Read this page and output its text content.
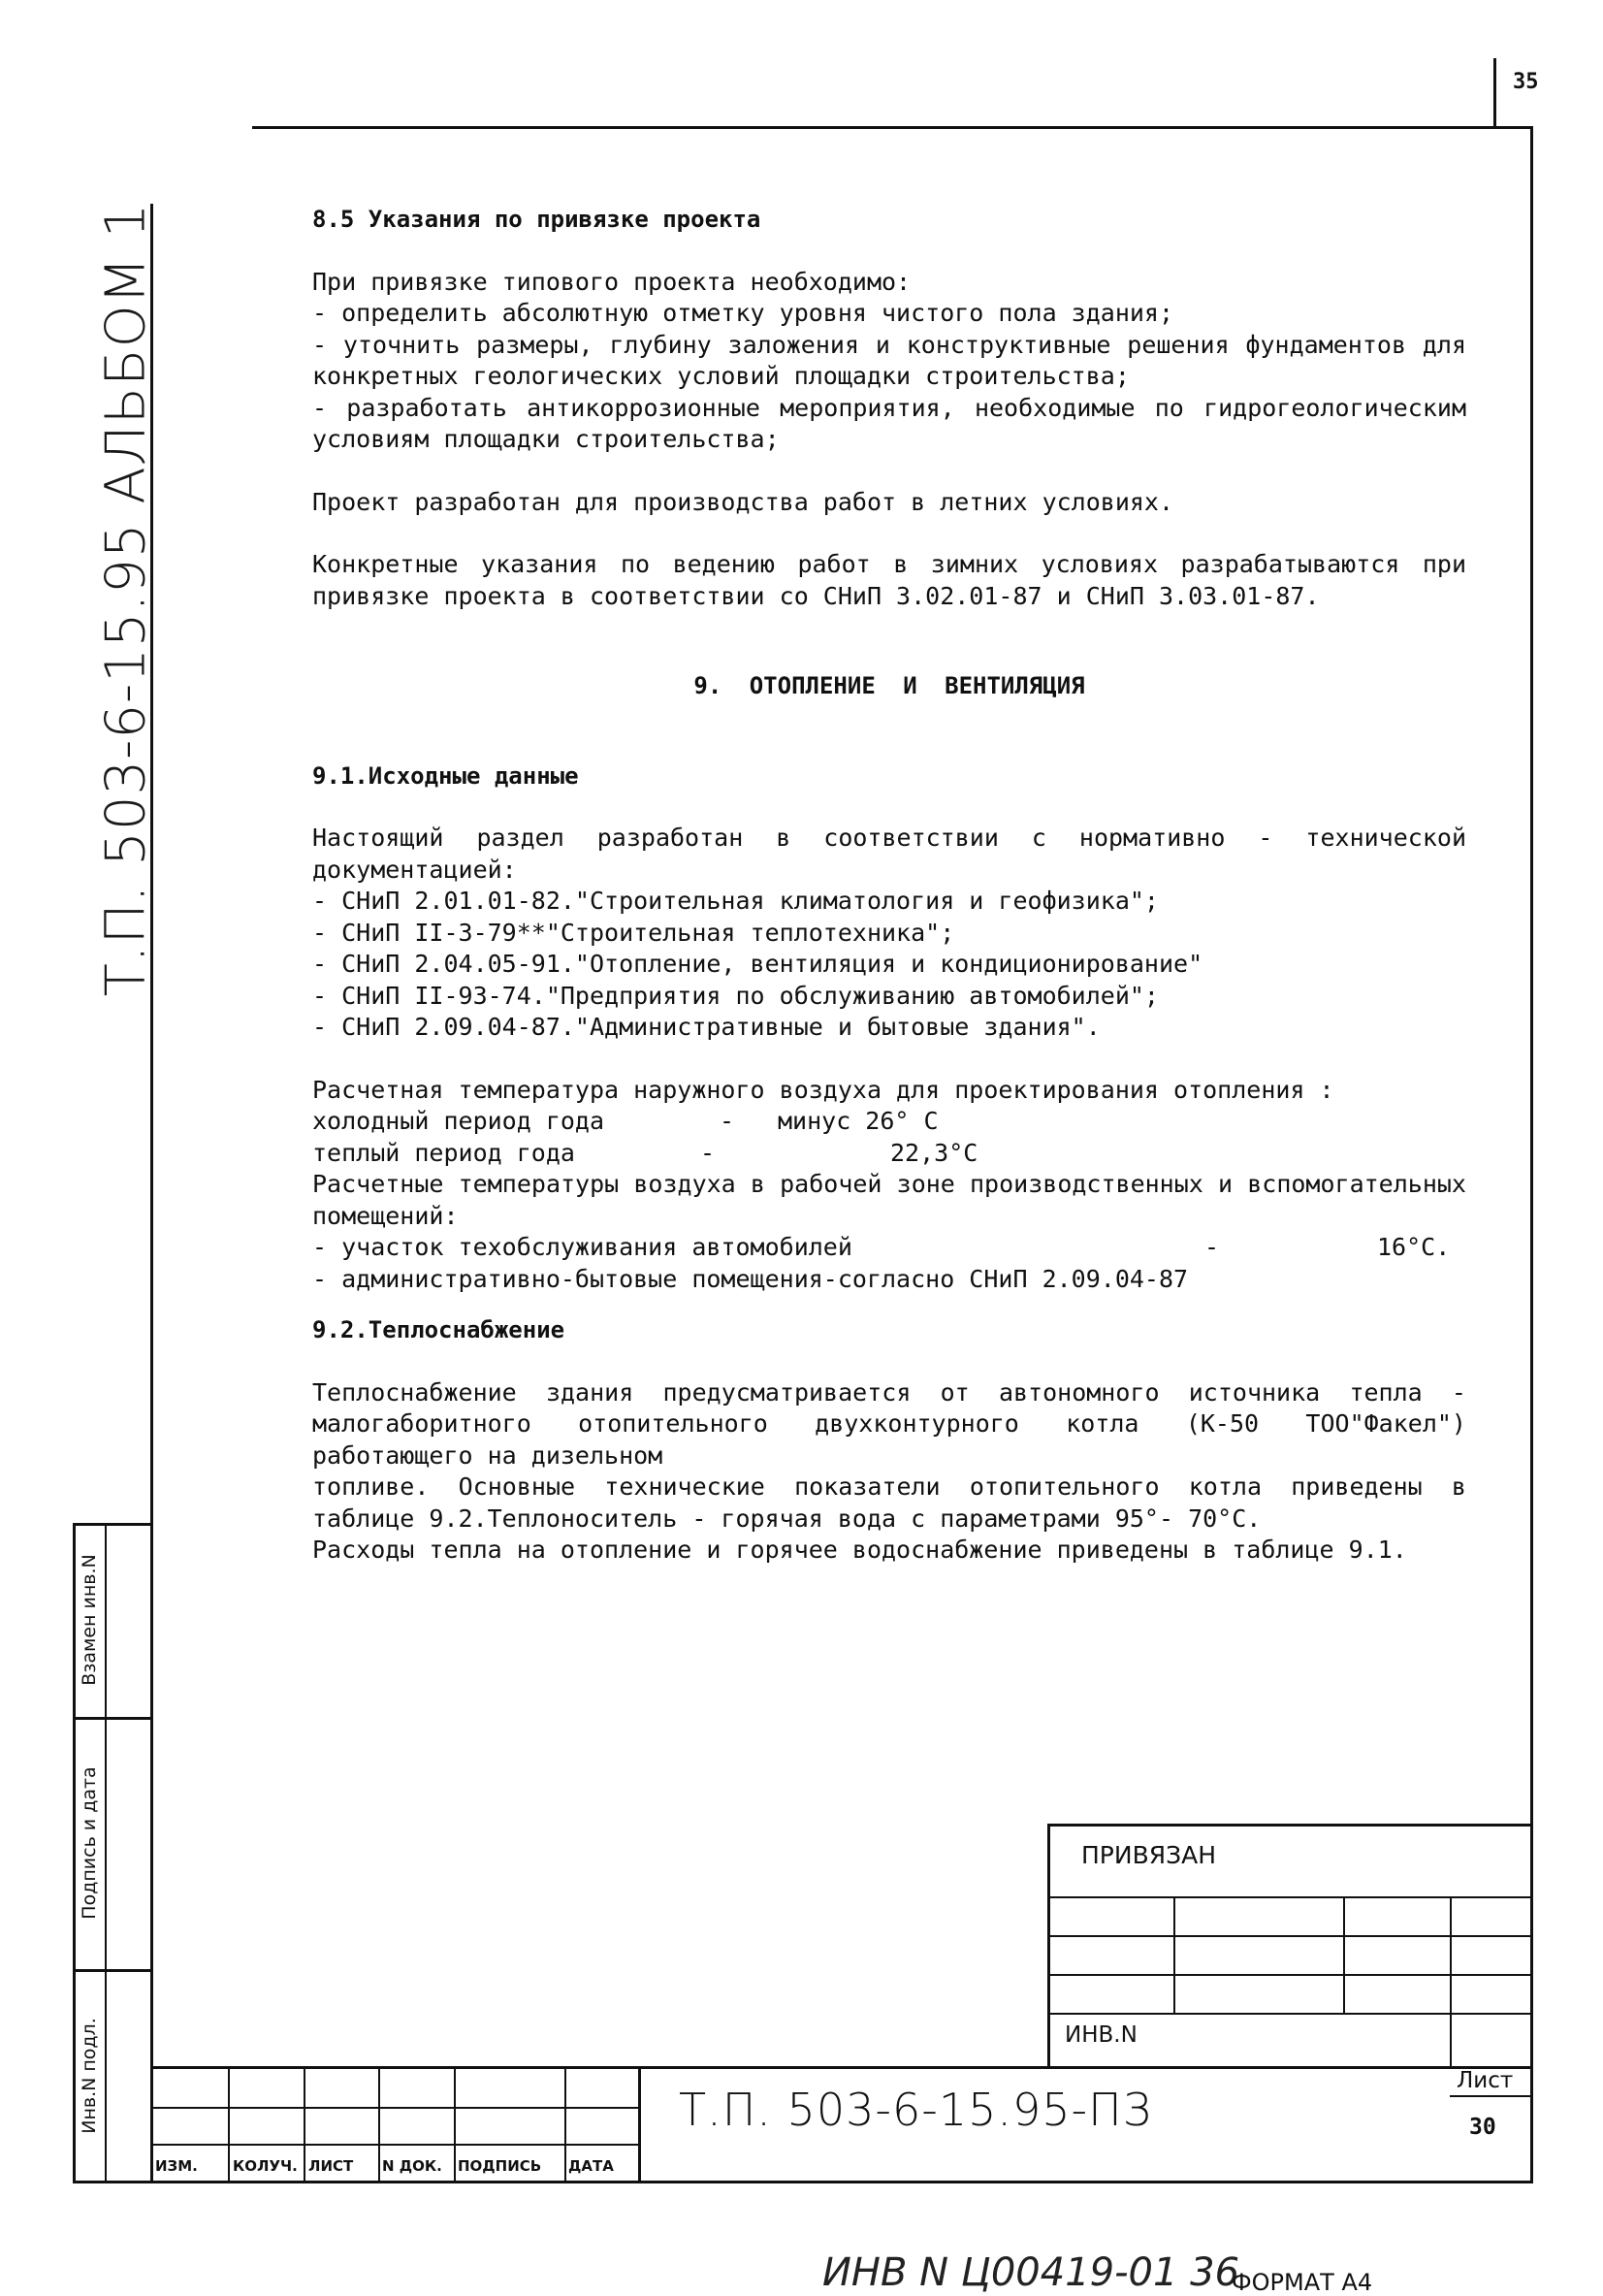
35
Т.П. 503-6-15.95 АЛЬБОМ 1
Взамен инв.N
Подпись и дата
Инв.N подл.
8.5 Указания по привязке проекта

При привязке типового проекта необходимо:

- определить абсолютную отметку уровня чистого пола здания;

- уточнить размеры, глубину заложения и конструктивные решения фундаментов для конкретных геологических условий площадки строительства;

- разработать антикоррозионные мероприятия, необходимые по гидрогеологическим условиям площадки строительства;

Проект разработан для производства работ в летних условиях.

Конкретные указания по ведению работ в зимних условиях разрабатываются при привязке проекта в соответствии со СНиП 3.02.01-87 и СНиП 3.03.01-87.

9. ОТОПЛЕНИЕ И ВЕНТИЛЯЦИЯ
9.1.Исходные данные

Настоящий раздел разработан в соответствии с нормативно - технической документацией:

- СНиП 2.01.01-82."Строительная климатология и геофизика";

- СНиП II-3-79**"Строительная теплотехника";

- СНиП 2.04.05-91."Отопление, вентиляция и кондиционирование"

- СНиП II-93-74."Предприятия по обслуживанию автомобилей";

- СНиП 2.09.04-87."Административные и бытовые здания".

Расчетная температура наружного воздуха для проектирования отопления :

холодный период года	-	минус 26° С
теплый период года	-	22,3°С

Расчетные температуры воздуха в рабочей зоне производственных и вспомогательных помещений:

- участок техобслуживания автомобилей	-	16°С.

- административно-бытовые помещения-согласно СНиП 2.09.04-87

9.2.Теплоснабжение

Теплоснабжение здания предусматривается от автономного источника тепла - малогаборитного отопительного двухконтурного котла (К-50 ТОО"Факел") работающего на дизельном

топливе. Основные технические показатели отопительного котла приведены в таблице 9.2.Теплоноситель - горячая вода с параметрами 95°- 70°С.

Расходы тепла на отопление и горячее водоснабжение приведены в таблице 9.1.

ПРИВЯЗАН
ИНВ.N
ИЗМ. КОЛУЧ. ЛИСТ N ДОК. ПОДПИСЬ ДАТА
Т.П. 503-6-15.95-ПЗ
Лист
30
ИНВ N Ц00419-01 36
ФОРМАТ А4
